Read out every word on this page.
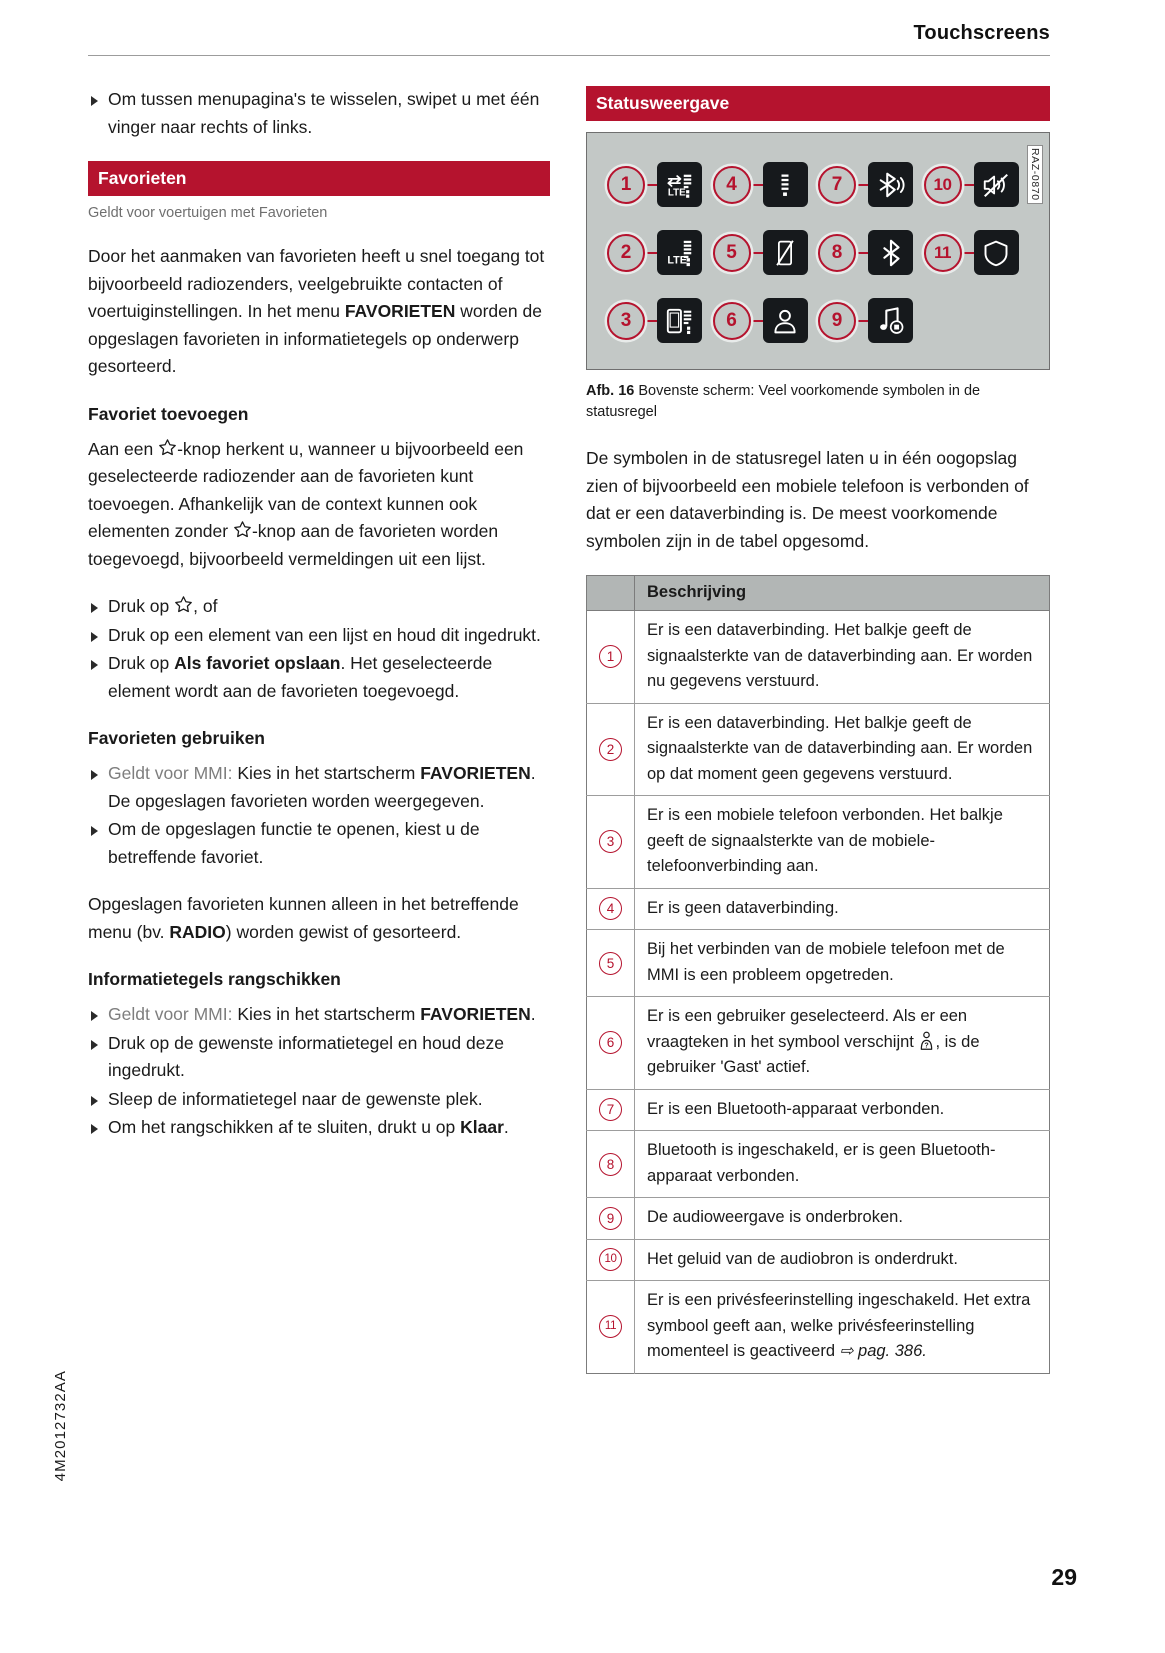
Touchscreens
Om tussen menupagina's te wisselen, swipet u met één vinger naar rechts of links.
Favorieten
Geldt voor voertuigen met Favorieten

Door het aanmaken van favorieten heeft u snel toegang tot bijvoorbeeld radiozenders, veelgebruikte contacten of voertuiginstellingen. In het menu FAVORIETEN worden de opgeslagen favorieten in informatietegels op onderwerp gesorteerd.

Favoriet toevoegen

Aan een -knop herkent u, wanneer u bijvoorbeeld een geselecteerde radiozender aan de favorieten kunt toevoegen. Afhankelijk van de context kunnen ook elementen zonder -knop aan de favorieten worden toegevoegd, bijvoorbeeld vermeldingen uit een lijst.

Druk op , of
Druk op een element van een lijst en houd dit ingedrukt.
Druk op Als favoriet opslaan. Het geselecteerde element wordt aan de favorieten toegevoegd.
Favorieten gebruiken
Geldt voor MMI: Kies in het startscherm FAVORIETEN. De opgeslagen favorieten worden weergegeven.
Om de opgeslagen functie te openen, kiest u de betreffende favoriet.

Opgeslagen favorieten kunnen alleen in het betreffende menu (bv. RADIO) worden gewist of gesorteerd.

Informatietegels rangschikken
Geldt voor MMI: Kies in het startscherm FAVORIETEN.
Druk op de gewenste informatietegel en houd deze ingedrukt.
Sleep de informatietegel naar de gewenste plek.
Om het rangschikken af te sluiten, drukt u op Klaar.
Statusweergave
RAZ-0870
1	LTE	4	7	10
2	LTE	5	8	11
3	6	9
Afb. 16 Bovenste scherm: Veel voorkomende symbolen in de statusregel

De symbolen in de statusregel laten u in één oogopslag zien of bijvoorbeeld een mobiele telefoon is verbonden of dat er een dataverbinding is. De meest voorkomende symbolen zijn in de tabel opgesomd.

	Beschrijving
1	Er is een dataverbinding. Het balkje geeft de signaalsterkte van de dataverbinding aan. Er worden nu gegevens verstuurd.
2	Er is een dataverbinding. Het balkje geeft de signaalsterkte van de dataverbinding aan. Er worden op dat moment geen gegevens verstuurd.
3	Er is een mobiele telefoon verbonden. Het balkje geeft de signaalsterkte van de mobiele-telefoonverbinding aan.
4	Er is geen dataverbinding.
5	Bij het verbinden van de mobiele telefoon met de MMI is een probleem opgetreden.
6	Er is een gebruiker geselecteerd. Als er een vraagteken in het symbool verschijnt ? , is de gebruiker 'Gast' actief.
7	Er is een Bluetooth-apparaat verbonden.
8	Bluetooth is ingeschakeld, er is geen Bluetooth-apparaat verbonden.
9	De audioweergave is onderbroken.
10	Het geluid van de audiobron is onderdrukt.
11	Er is een privésfeerinstelling ingeschakeld. Het extra symbool geeft aan, welke privésfeerinstelling momenteel is geactiveerd ⇨ pag. 386.
4M2012732AA
29
